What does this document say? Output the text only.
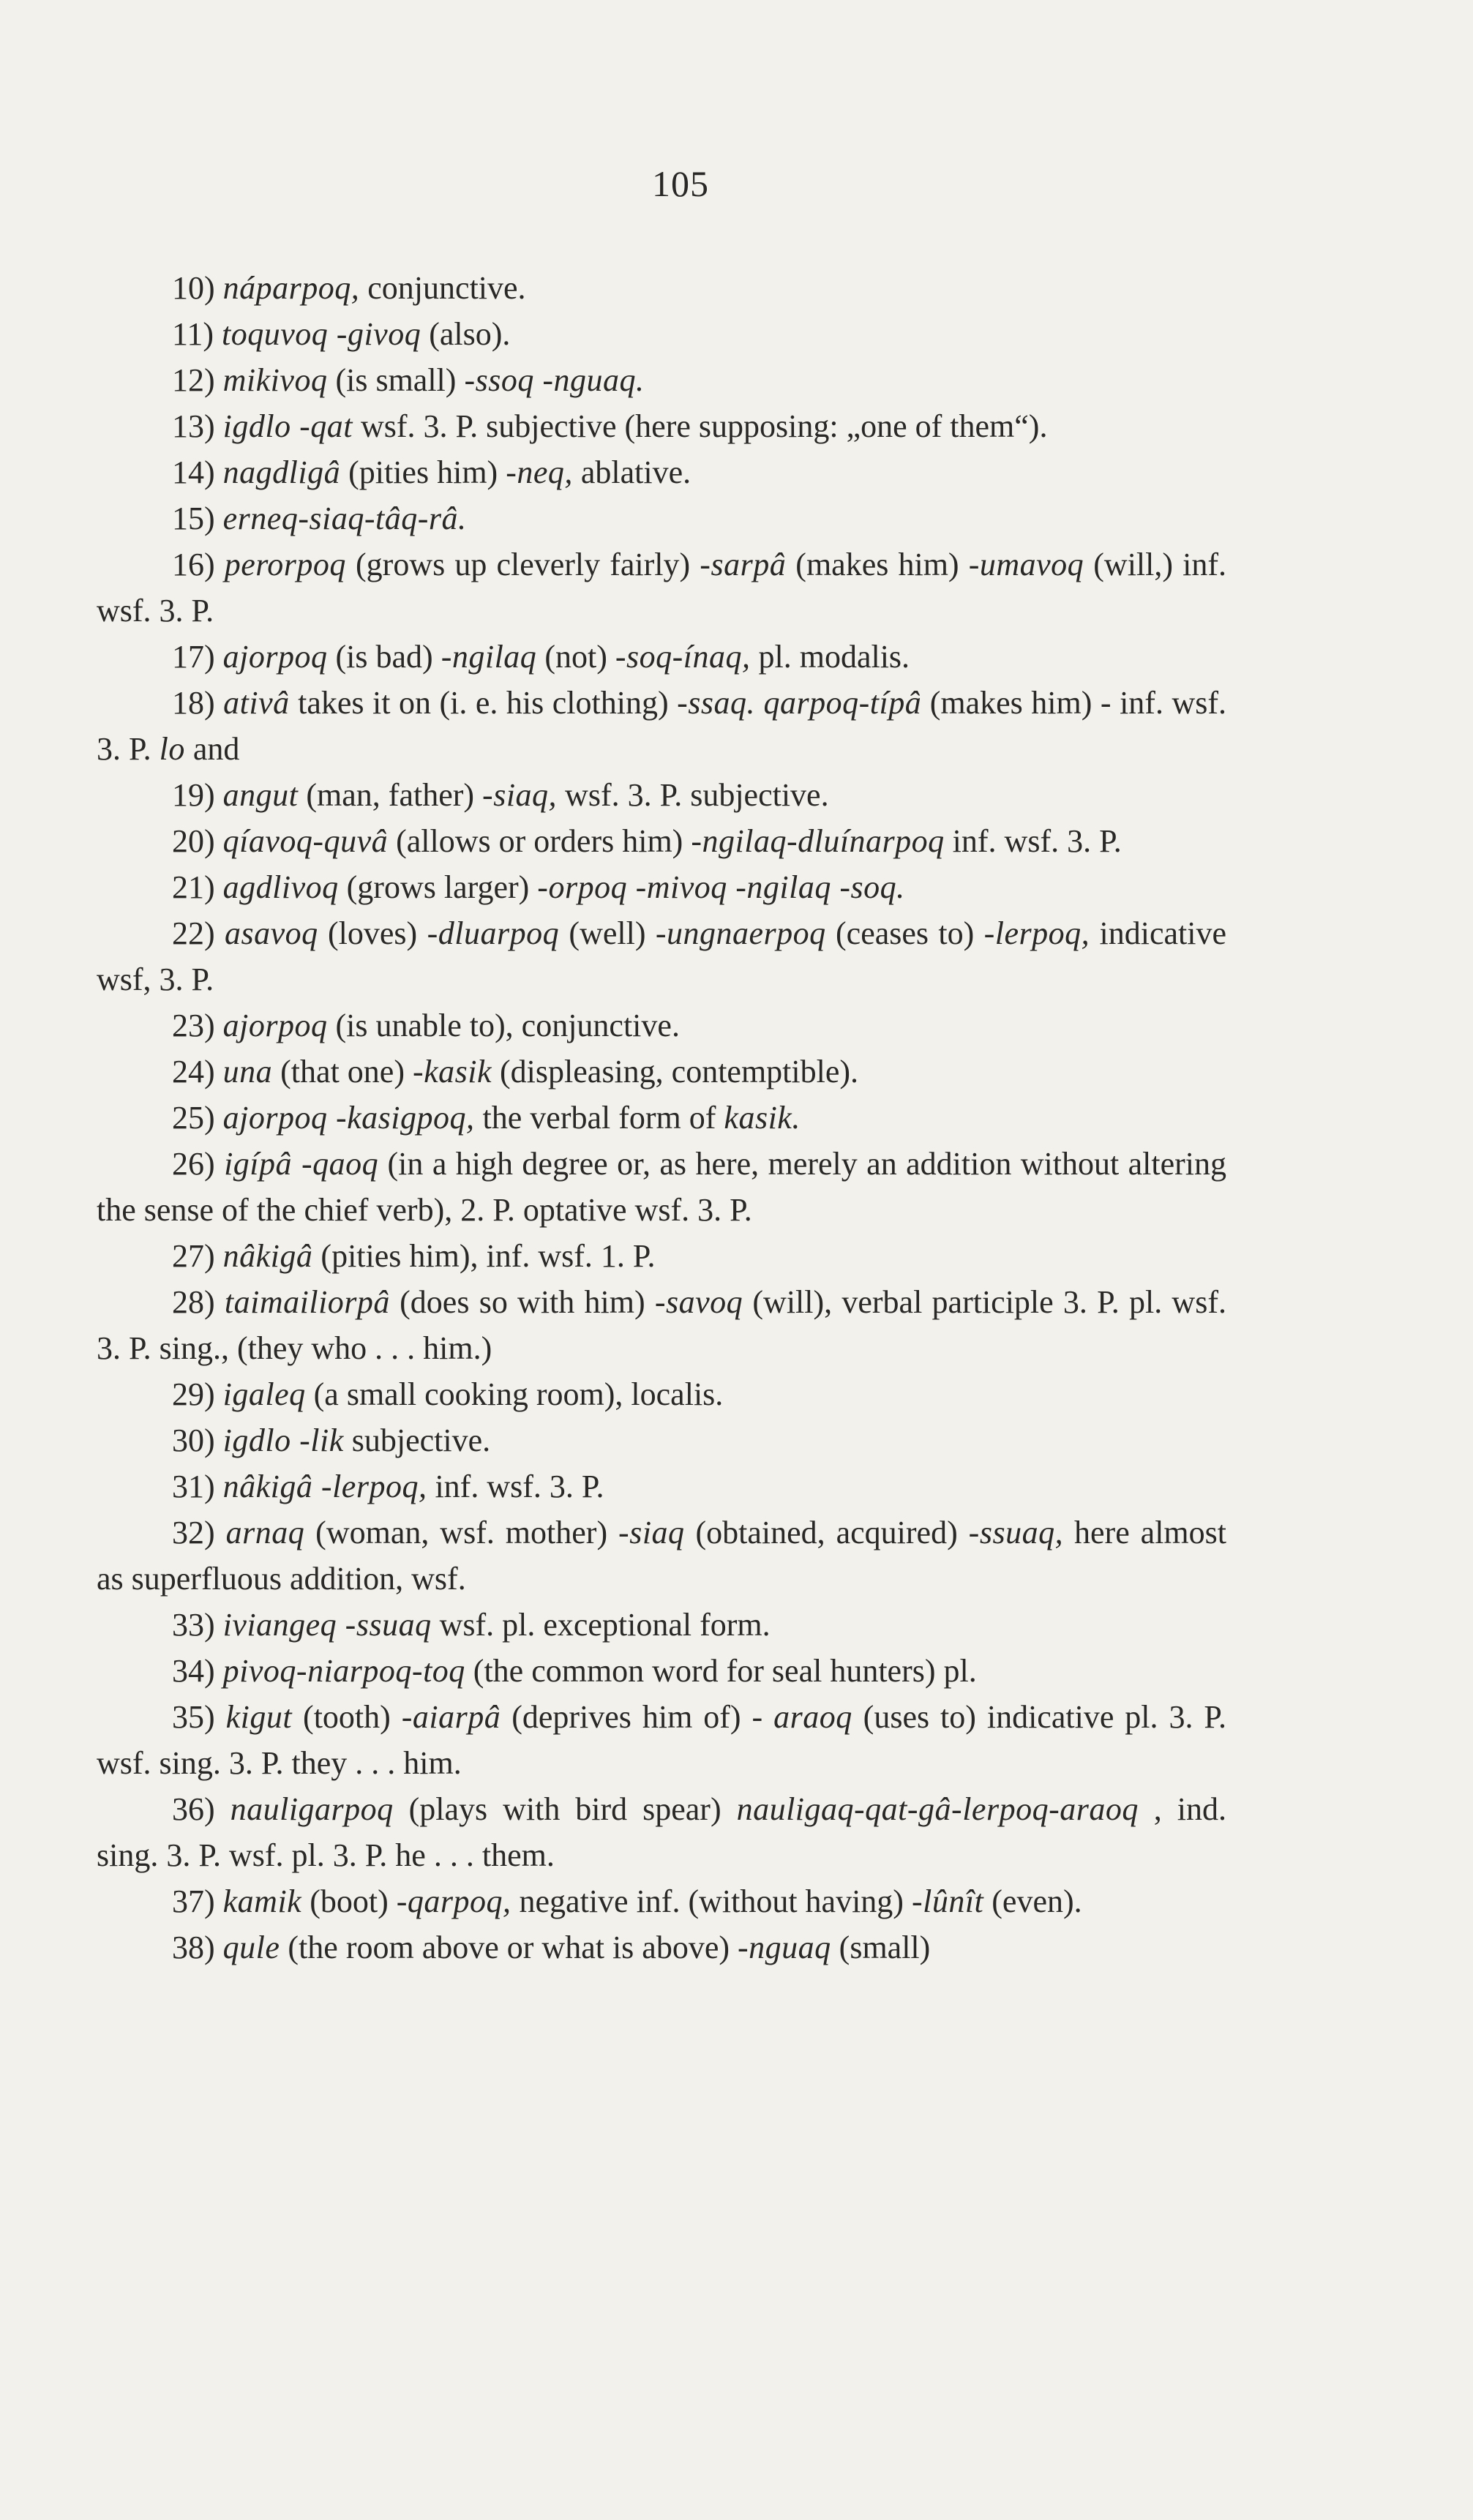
105

10) náparpoq, conjunctive.

11) toquvoq -givoq (also).

12) mikivoq (is small) -ssoq -nguaq.

13) igdlo -qat wsf. 3. P. subjective (here supposing: „one of them“).

14) nagdligâ (pities him) -neq, ablative.

15) erneq-siaq-tâq-râ.

16) perorpoq (grows up cleverly fairly) -sarpâ (makes him) -umavoq (will,) inf. wsf. 3. P.

17) ajorpoq (is bad) -ngilaq (not) -soq-ínaq, pl. modalis.

18) ativâ takes it on (i. e. his clothing) -ssaq. qarpoq-típâ (makes him) - inf. wsf. 3. P. lo and

19) angut (man, father) -siaq, wsf. 3. P. subjective.

20) qíavoq-quvâ (allows or orders him) -ngilaq-dluínarpoq inf. wsf. 3. P.

21) agdlivoq (grows larger) -orpoq -mivoq -ngilaq -soq.

22) asavoq (loves) -dluarpoq (well) -ungnaerpoq (ceases to) -lerpoq, indicative wsf, 3. P.

23) ajorpoq (is unable to), conjunctive.

24) una (that one) -kasik (displeasing, contemptible).

25) ajorpoq -kasigpoq, the verbal form of kasik.

26) igípâ -qaoq (in a high degree or, as here, merely an addition without altering the sense of the chief verb), 2. P. optative wsf. 3. P.

27) nâkigâ (pities him), inf. wsf. 1. P.

28) taimailiorpâ (does so with him) -savoq (will), verbal participle 3. P. pl. wsf. 3. P. sing., (they who . . . him.)

29) igaleq (a small cooking room), localis.

30) igdlo -lik subjective.

31) nâkigâ -lerpoq, inf. wsf. 3. P.

32) arnaq (woman, wsf. mother) -siaq (obtained, acquired) -ssuaq, here almost as superfluous addition, wsf.

33) iviangeq -ssuaq wsf. pl. exceptional form.

34) pivoq-niarpoq-toq (the common word for seal hunters) pl.

35) kigut (tooth) -aiarpâ (deprives him of) - araoq (uses to) indicative pl. 3. P. wsf. sing. 3. P. they . . . him.

36) nauligarpoq (plays with bird spear) nauligaq-qat-gâ-lerpoq-araoq , ind. sing. 3. P. wsf. pl. 3. P. he . . . them.

37) kamik (boot) -qarpoq, negative inf. (without having) -lûnît (even).

38) qule (the room above or what is above) -nguaq (small)
